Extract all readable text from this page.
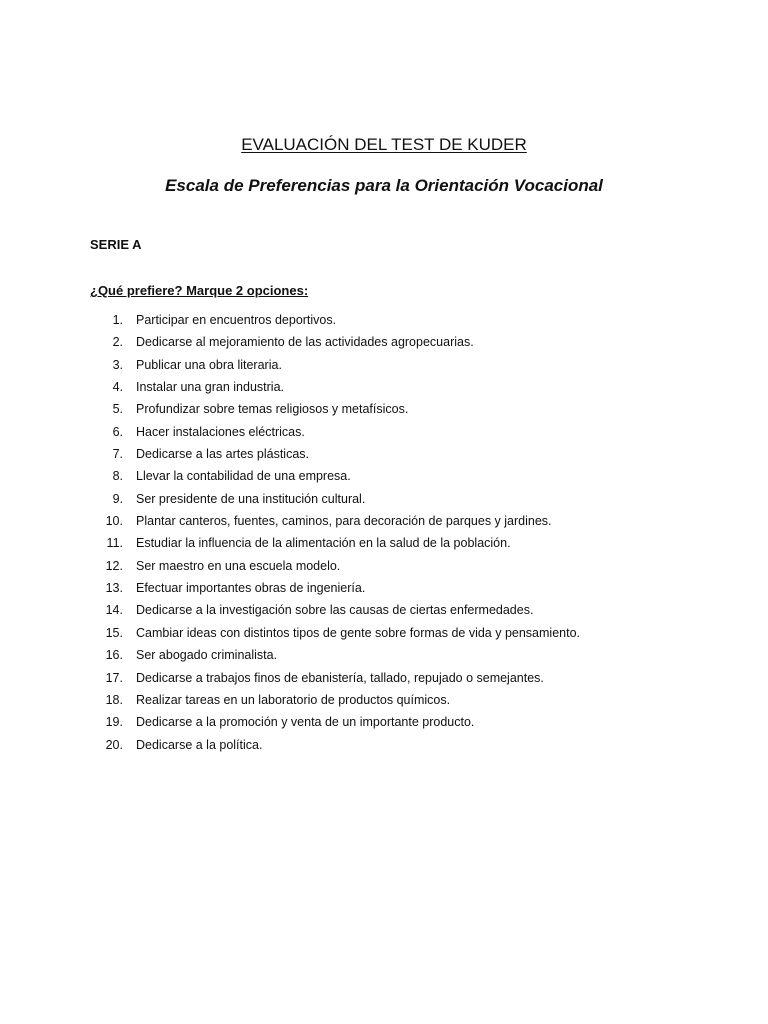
EVALUACIÓN DEL TEST DE KUDER
Escala de Preferencias para la Orientación Vocacional
SERIE A
¿Qué prefiere? Marque 2 opciones:
1. Participar en encuentros deportivos.
2. Dedicarse al mejoramiento de las actividades agropecuarias.
3. Publicar una obra literaria.
4. Instalar una gran industria.
5. Profundizar sobre temas religiosos y metafísicos.
6. Hacer instalaciones eléctricas.
7. Dedicarse a las artes plásticas.
8. Llevar la contabilidad de una empresa.
9. Ser presidente de una institución cultural.
10. Plantar canteros, fuentes, caminos, para decoración de parques y jardines.
11. Estudiar la influencia de la alimentación en la salud de la población.
12. Ser maestro en una escuela modelo.
13. Efectuar importantes obras de ingeniería.
14. Dedicarse a la investigación sobre las causas de ciertas enfermedades.
15. Cambiar ideas con distintos tipos de gente sobre formas de vida y pensamiento.
16. Ser abogado criminalista.
17. Dedicarse a trabajos finos de ebanistería, tallado, repujado o semejantes.
18. Realizar tareas en un laboratorio de productos químicos.
19. Dedicarse a la promoción y venta de un importante producto.
20. Dedicarse a la política.
